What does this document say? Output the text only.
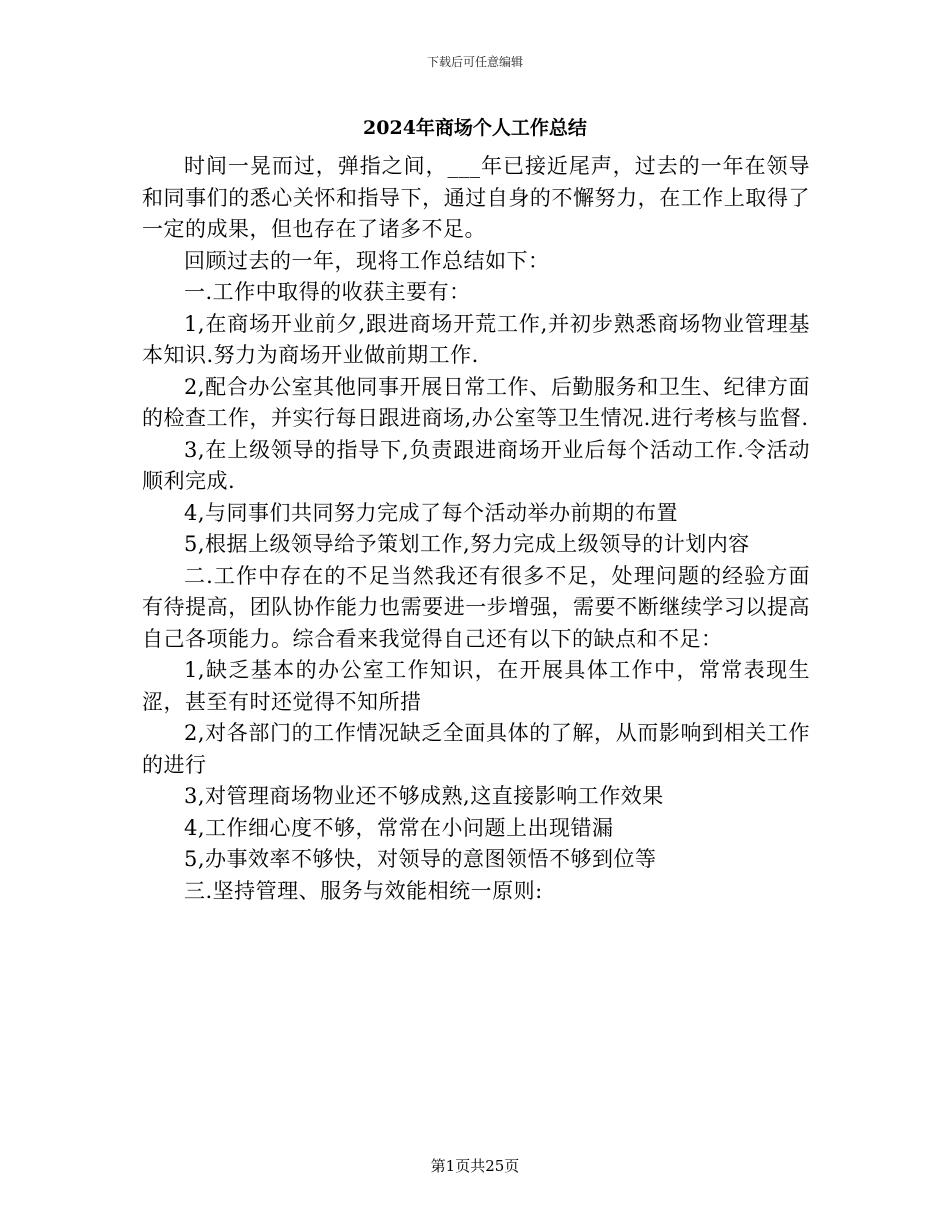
下载后可任意编辑
2024年商场个人工作总结

时间一晃而过，弹指之间，___年已接近尾声，过去的一年在领导和同事们的悉心关怀和指导下，通过自身的不懈努力，在工作上取得了一定的成果，但也存在了诸多不足。

回顾过去的一年，现将工作总结如下：

一.工作中取得的收获主要有：

1,在商场开业前夕,跟进商场开荒工作,并初步熟悉商场物业管理基本知识.努力为商场开业做前期工作.

2,配合办公室其他同事开展日常工作、后勤服务和卫生、纪律方面的检查工作，并实行每日跟进商场,办公室等卫生情况.进行考核与监督.

3,在上级领导的指导下,负责跟进商场开业后每个活动工作.令活动顺利完成.

4,与同事们共同努力完成了每个活动举办前期的布置

5,根据上级领导给予策划工作,努力完成上级领导的计划内容

二.工作中存在的不足当然我还有很多不足，处理问题的经验方面有待提高，团队协作能力也需要进一步增强，需要不断继续学习以提高自己各项能力。综合看来我觉得自己还有以下的缺点和不足：

1,缺乏基本的办公室工作知识，在开展具体工作中，常常表现生涩，甚至有时还觉得不知所措

2,对各部门的工作情况缺乏全面具体的了解，从而影响到相关工作的进行

3,对管理商场物业还不够成熟,这直接影响工作效果

4,工作细心度不够，常常在小问题上出现错漏

5,办事效率不够快，对领导的意图领悟不够到位等

三.坚持管理、服务与效能相统一原则:

第1页共25页
